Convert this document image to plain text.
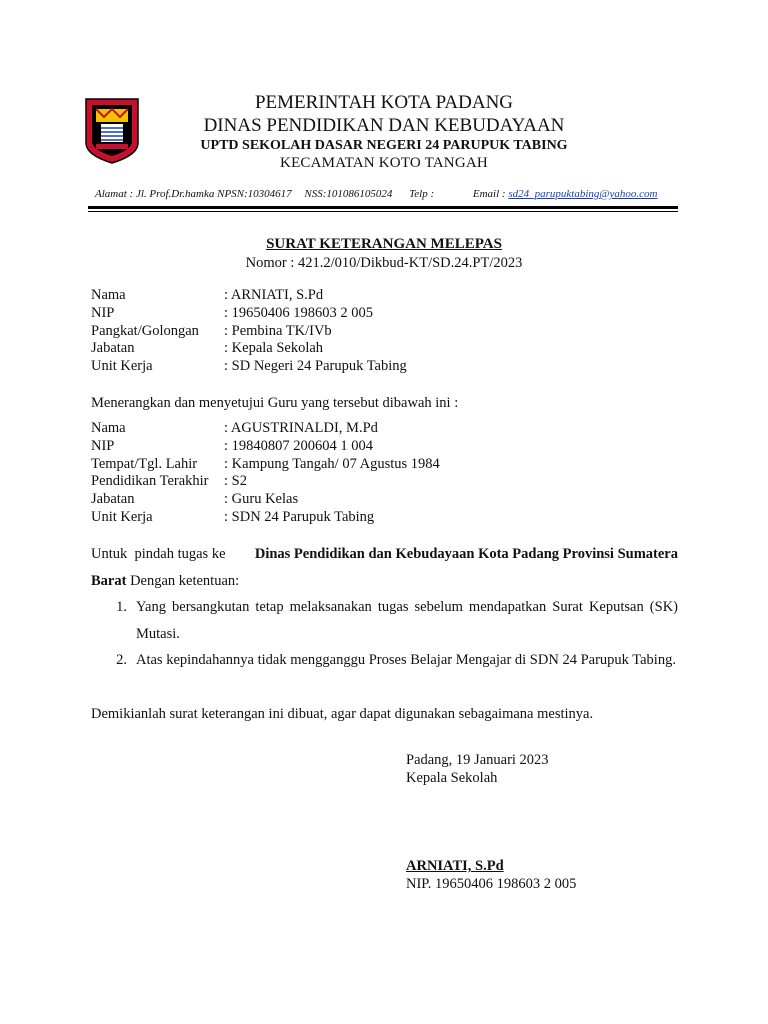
PEMERINTAH KOTA PADANG
DINAS PENDIDIKAN DAN KEBUDAYAAN
UPTD SEKOLAH DASAR NEGERI 24 PARUPUK TABING
KECAMATAN KOTO TANGAH
Alamat : Jl. Prof.Dr.hamka NPSN:10304617 NSS:101086105024 Telp :	Email : sd24_parupuktabing@yahoo.com
SURAT KETERANGAN MELEPAS
Nomor : 421.2/010/Dikbud-KT/SD.24.PT/2023
Nama	: ARNIATI, S.Pd
NIP	: 19650406 198603 2 005
Pangkat/Golongan	: Pembina TK/IVb
Jabatan	: Kepala Sekolah
Unit Kerja	: SD Negeri 24 Parupuk Tabing
Menerangkan dan menyetujui Guru yang tersebut dibawah ini :
Nama	: AGUSTRINALDI, M.Pd
NIP	: 19840807 200604 1 004
Tempat/Tgl. Lahir	: Kampung Tangah/ 07 Agustus 1984
Pendidikan Terakhir	: S2
Jabatan	: Guru Kelas
Unit Kerja	: SDN 24 Parupuk Tabing
Untuk  pindah tugas ke	Dinas Pendidikan dan Kebudayaan Kota Padang Provinsi Sumatera
Barat Dengan ketentuan:
1. Yang bersangkutan tetap melaksanakan tugas sebelum mendapatkan Surat Keputsan (SK) Mutasi.
2. Atas kepindahannya tidak mengganggu Proses Belajar Mengajar di SDN 24 Parupuk Tabing.
Demikianlah surat keterangan ini dibuat, agar dapat digunakan sebagaimana mestinya.
Padang, 19 Januari 2023
Kepala Sekolah
ARNIATI, S.Pd
NIP. 19650406 198603 2 005
